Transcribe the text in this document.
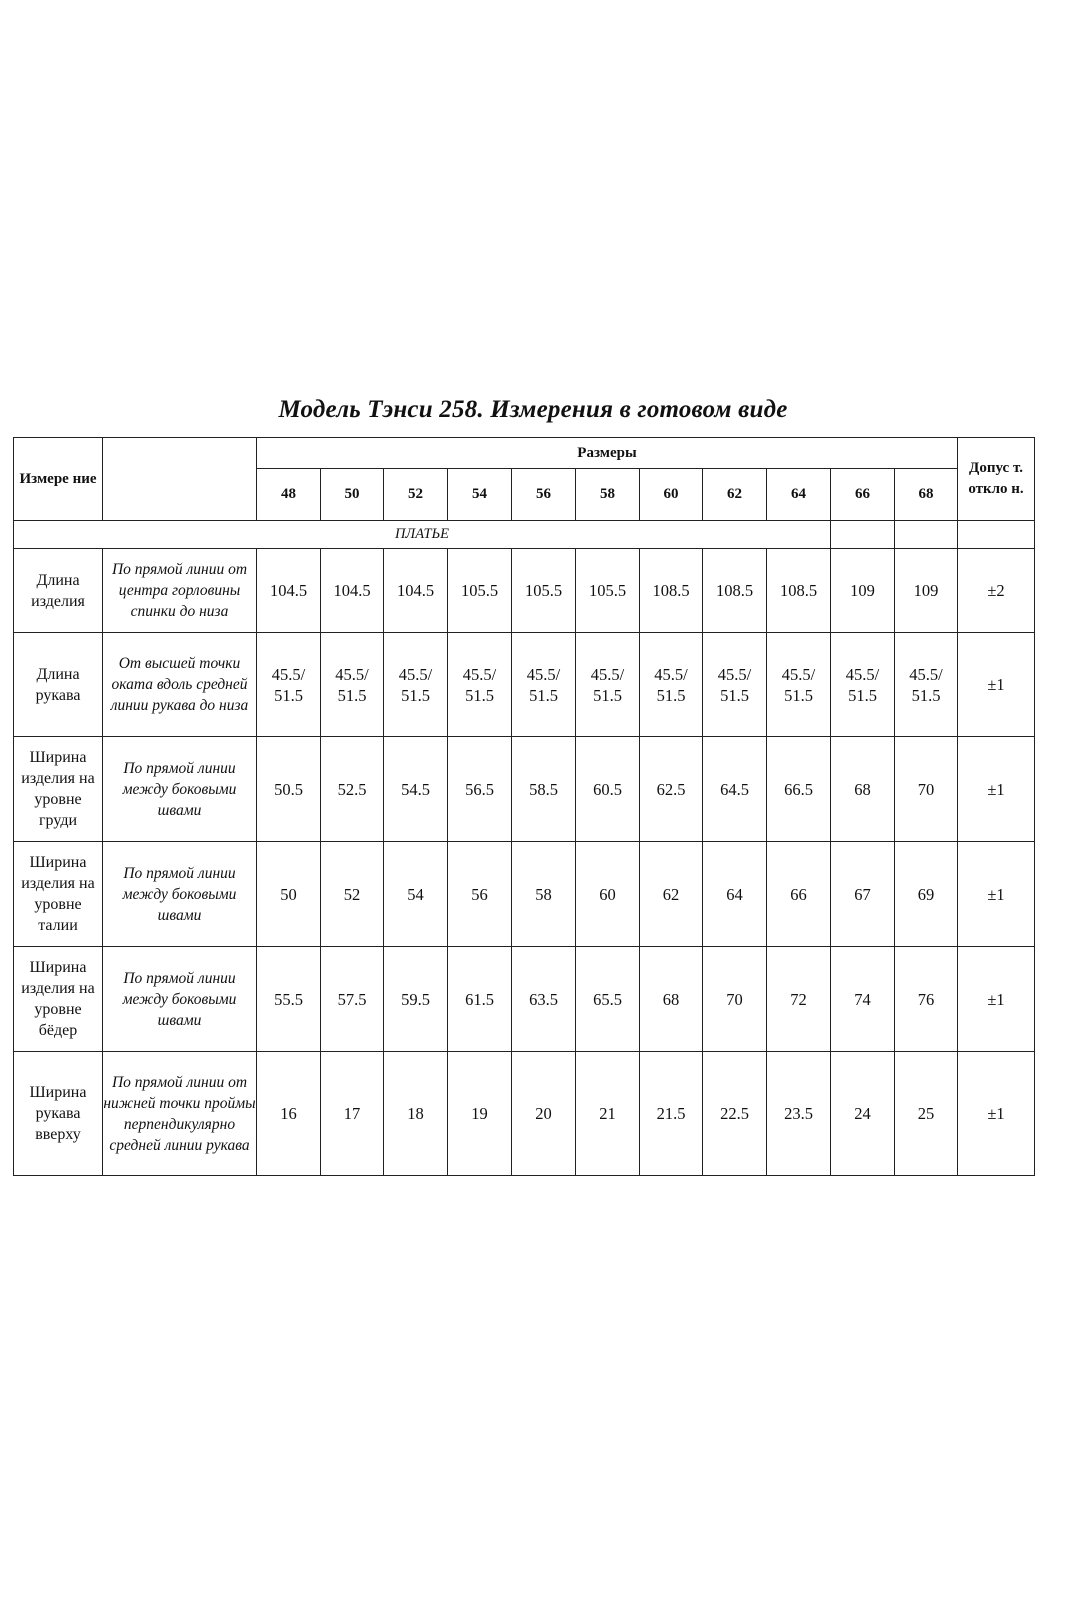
Модель Тэнси 258. Измерения в готовом виде
Измере ние		Размеры											Допус т. откло н.
		48	50	52	54	56	58	60	62	64	66	68	
ПЛАТЬЕ													
Длина изделия	По прямой линии от центра горловины спинки до низа	104.5	104.5	104.5	105.5	105.5	105.5	108.5	108.5	108.5	109	109	±2
Длина рукава	От высшей точки оката вдоль средней линии рукава до низа	45.5/ 51.5	45.5/ 51.5	45.5/ 51.5	45.5/ 51.5	45.5/ 51.5	45.5/ 51.5	45.5/ 51.5	45.5/ 51.5	45.5/ 51.5	45.5/ 51.5	45.5/ 51.5	±1
Ширина изделия на уровне груди	По прямой линии между боковыми швами	50.5	52.5	54.5	56.5	58.5	60.5	62.5	64.5	66.5	68	70	±1
Ширина изделия на уровне талии	По прямой линии между боковыми швами	50	52	54	56	58	60	62	64	66	67	69	±1
Ширина изделия на уровне бёдер	По прямой линии между боковыми швами	55.5	57.5	59.5	61.5	63.5	65.5	68	70	72	74	76	±1
Ширина рукава вверху	По прямой линии от нижней точки проймы перпендикулярно средней линии рукава	16	17	18	19	20	21	21.5	22.5	23.5	24	25	±1
